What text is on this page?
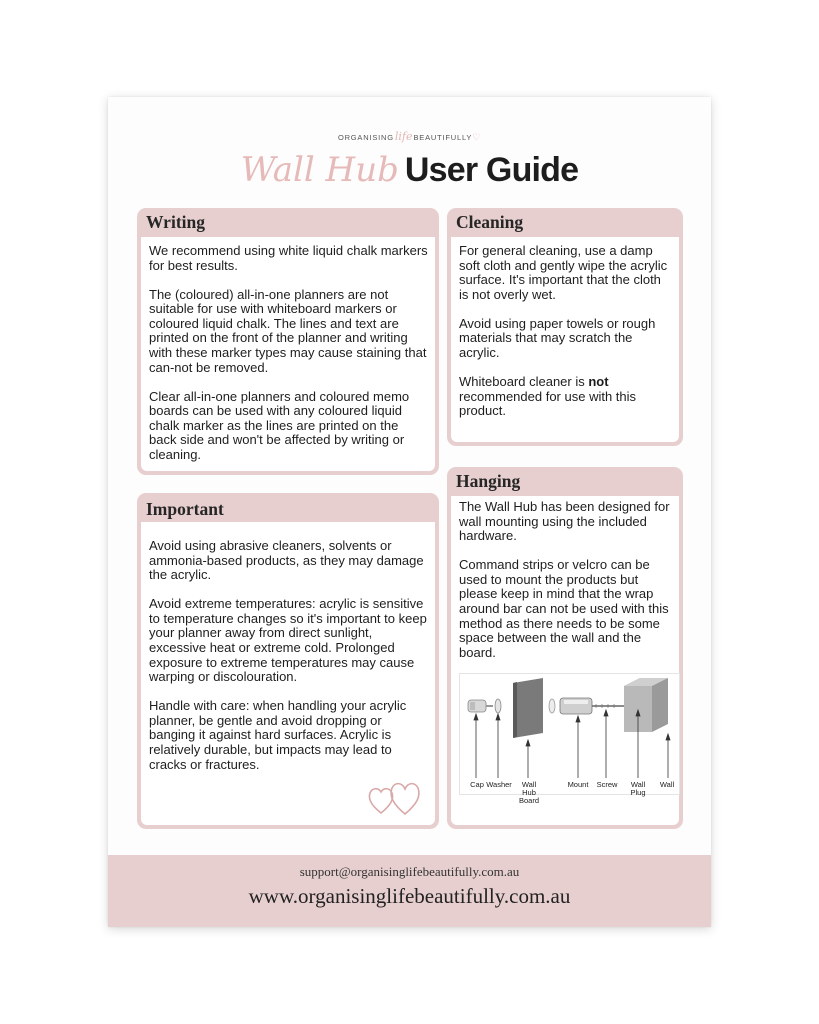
ORGANISINGlifeBEAUTIFULLY♡
Wall Hub User Guide
Writing

We recommend using white liquid chalk markers for best results.

The (coloured) all-in-one planners are not suitable for use with whiteboard markers or coloured liquid chalk. The lines and text are printed on the front of the planner and writing with these marker types may cause staining that can-not be removed.

Clear all-in-one planners and coloured memo boards can be used with any coloured liquid chalk marker as the lines are printed on the back side and won't be affected by writing or cleaning.

Cleaning

For general cleaning, use a damp soft cloth and gently wipe the acrylic surface. It's important that the cloth is not overly wet.

Avoid using paper towels or rough materials that may scratch the acrylic.

Whiteboard cleaner is not recommended for use with this product.

Important

Avoid using abrasive cleaners, solvents or ammonia-based products, as they may damage the acrylic.

Avoid extreme temperatures: acrylic is sensitive to temperature changes so it's important to keep your planner away from direct sunlight, excessive heat or extreme cold. Prolonged exposure to extreme temperatures may cause warping or discolouration.

Handle with care: when handling your acrylic planner, be gentle and avoid dropping or banging it against hard surfaces. Acrylic is relatively durable, but impacts may lead to cracks or fractures.

Hanging

The Wall Hub has been designed for wall mounting using the included hardware.

Command strips or velcro can be used to mount the products but please keep in mind that the wrap around bar can not be used with this method as there needs to be some space between the wall and the board.

Cap Washer	Wall Hub
Board
Mount	Screw	Wall
Plug
Wall
support@organisinglifebeautifully.com.au
www.organisinglifebeautifully.com.au
